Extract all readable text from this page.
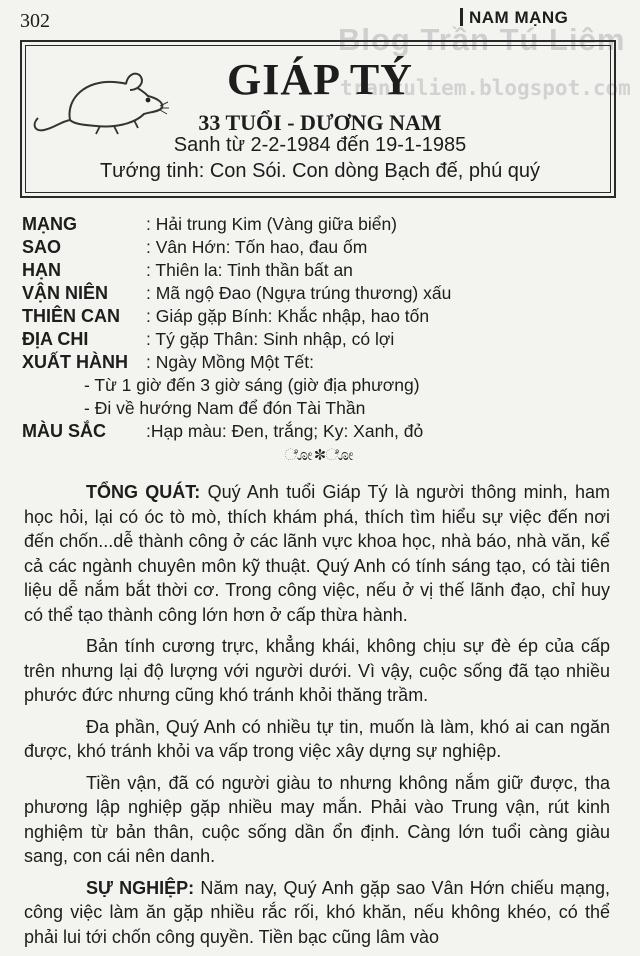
302	NAM MẠNG
Blog Trần Tú Liêm
trantuliem.blogspot.com
GIÁP TÝ
33 TUỔI - DƯƠNG NAM
Sanh từ 2-2-1984 đến 19-1-1985
Tướng tinh: Con Sói. Con dòng Bạch đế, phú quý
MẠNG	: Hải trung Kim (Vàng giữa biển)
SAO	: Vân Hớn: Tốn hao, đau ốm
HẠN	: Thiên la: Tinh thần bất an
VẬN NIÊN : Mã ngộ Đao (Ngựa trúng thương) xấu
THIÊN CAN : Giáp gặp Bính: Khắc nhập, hao tốn
ĐỊA CHI	: Tý gặp Thân: Sinh nhập, có lợi
XUẤT HÀNH : Ngày Mồng Một Tết:
- Từ 1 giờ đến 3 giờ sáng (giờ địa phương)
- Đi về hướng Nam để đón Tài Thần
MÀU SẮC :Hạp màu: Đen, trắng; Ky: Xanh, đỏ
ೋ✽ೋ

TỔNG QUÁT: Quý Anh tuổi Giáp Tý là người thông minh, ham học hỏi, lại có óc tò mò, thích khám phá, thích tìm hiểu sự việc đến nơi đến chốn...dễ thành công ở các lãnh vực khoa học, nhà báo, nhà văn, kể cả các ngành chuyên môn kỹ thuật. Quý Anh có tính sáng tạo, có tài tiên liệu dễ nắm bắt thời cơ. Trong công việc, nếu ở vị thế lãnh đạo, chỉ huy có thể tạo thành công lớn hơn ở cấp thừa hành.

Bản tính cương trực, khẳng khái, không chịu sự đè ép của cấp trên nhưng lại độ lượng với người dưới. Vì vậy, cuộc sống đã tạo nhiều phước đức nhưng cũng khó tránh khỏi thăng trầm.

Đa phần, Quý Anh có nhiều tự tin, muốn là làm, khó ai can ngăn được, khó tránh khỏi va vấp trong việc xây dựng sự nghiệp.

Tiền vận, đã có người giàu to nhưng không nắm giữ được, tha phương lập nghiệp gặp nhiều may mắn. Phải vào Trung vận, rút kinh nghiệm từ bản thân, cuộc sống dần ổn định. Càng lớn tuổi càng giàu sang, con cái nên danh.

SỰ NGHIỆP: Năm nay, Quý Anh gặp sao Vân Hớn chiếu mạng, công việc làm ăn gặp nhiều rắc rối, khó khăn, nếu không khéo, có thể phải lui tới chốn công quyền. Tiền bạc cũng lâm vào
